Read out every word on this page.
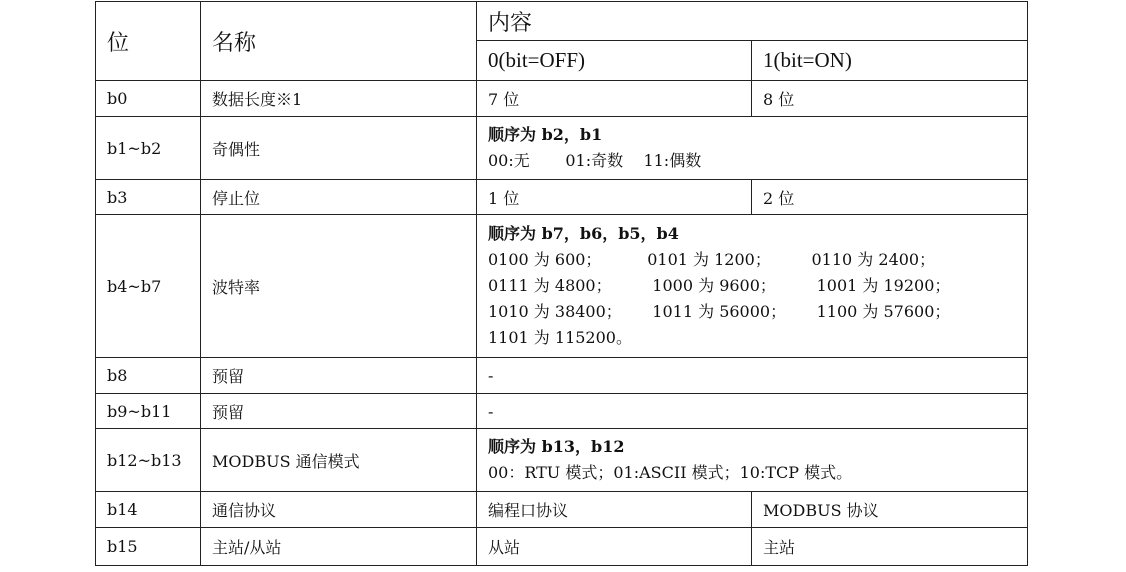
位	名称	内容	
		0(bit=OFF)	1(bit=ON)
b0	数据长度※1	7 位	8 位
b1~b2	奇偶性	顺序为 b2，b1
00:无       01:奇数    11:偶数	

b3	停止位	1 位	2 位
b4~b7	波特率	顺序为 b7，b6，b5，b4
0100 为 600；         0101 为 1200；        0110 为 2400；
0111 为 4800；        1000 为 9600；        1001 为 19200；
1010 为 38400；      1011 为 56000；      1100 为 57600；
1101 为 115200。	

b8	预留	-	
b9~b11	预留	-	
b12~b13	MODBUS 通信模式	顺序为 b13，b12
00：RTU 模式；01:ASCII 模式；10:TCP 模式。	

b14	通信协议	编程口协议	MODBUS 协议
b15	主站/从站	从站	主站
